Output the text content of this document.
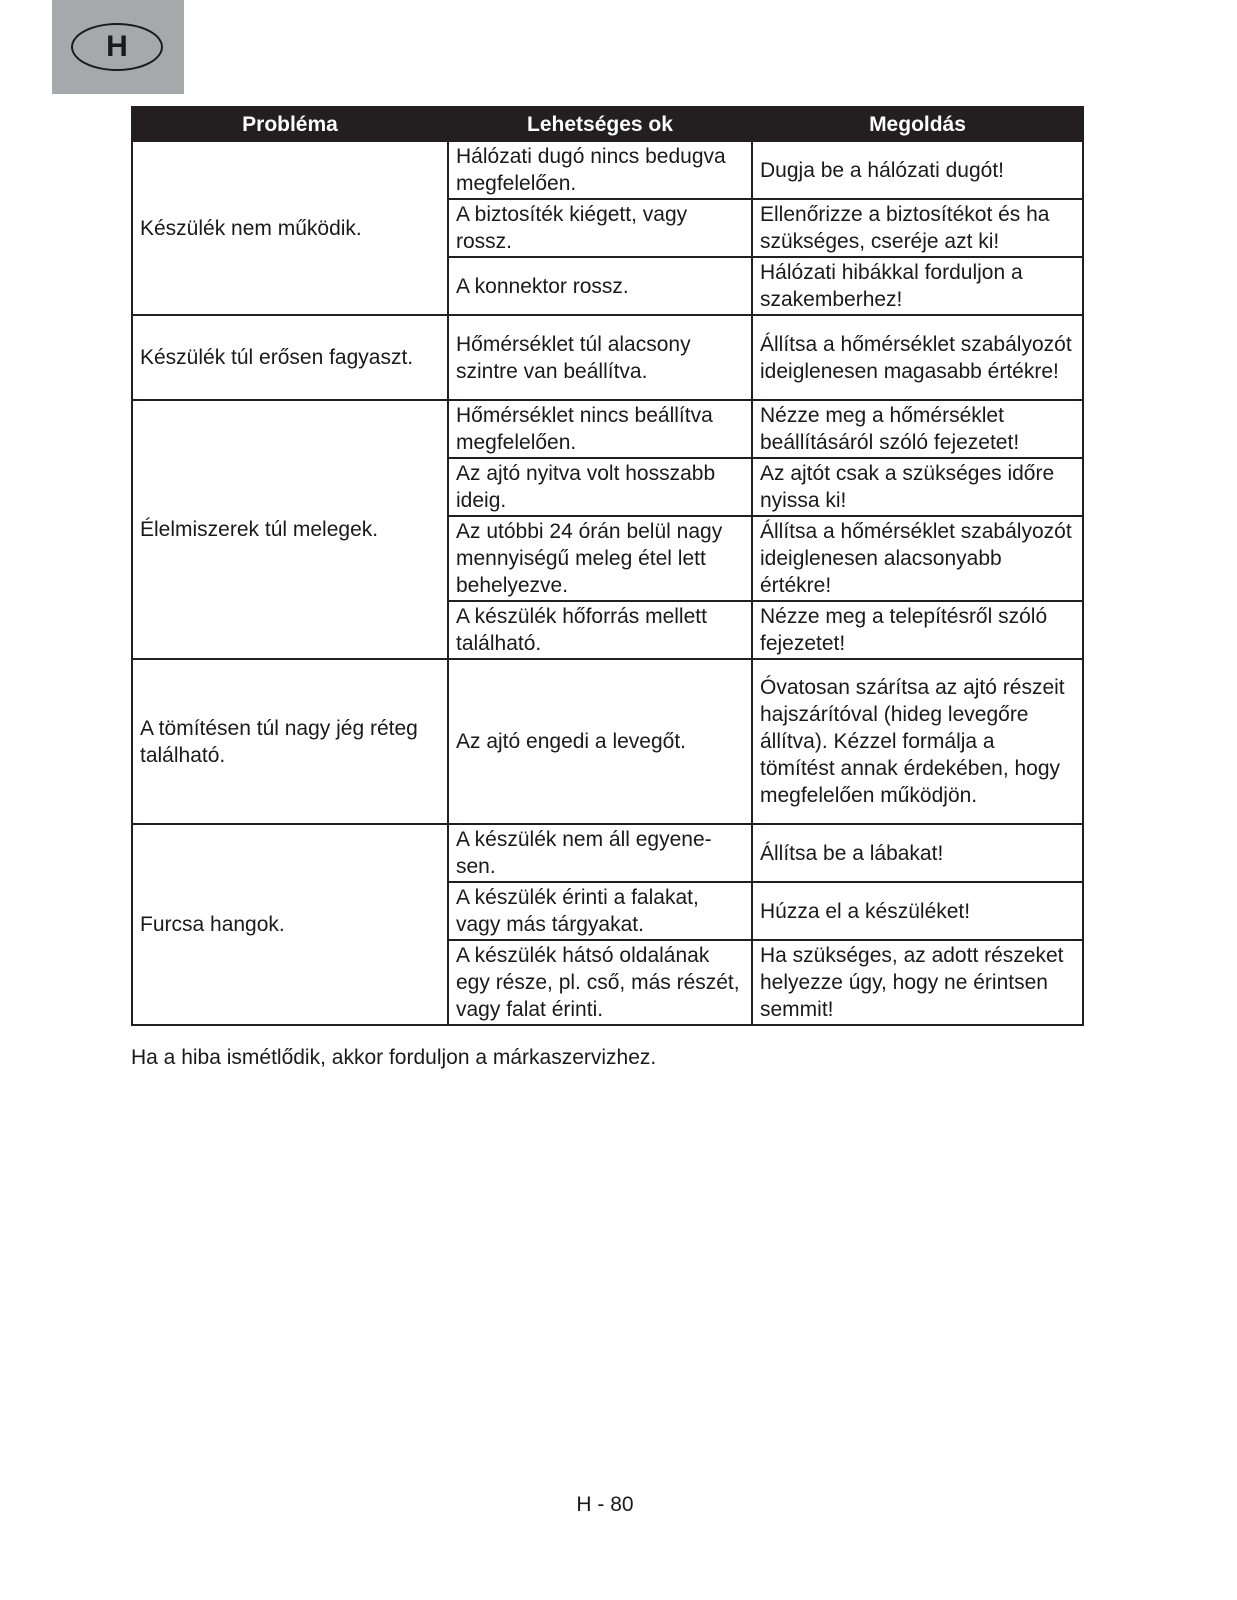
H
Probléma	Lehetséges ok	Megoldás
Készülék nem működik.	Hálózati dugó nincs bedugva megfelelően.	Dugja be a hálózati dugót!
	A biztosíték kiégett, vagy rossz.	Ellenőrizze a biztosítékot és ha szükséges, cseréje azt ki!
	A konnektor rossz.	Hálózati hibákkal forduljon a szakemberhez!
Készülék túl erősen fagyaszt.	Hőmérséklet túl alacsony szintre van beállítva.	Állítsa a hőmérséklet szabályozót ideiglenesen magasabb értékre!
Élelmiszerek túl melegek.	Hőmérséklet nincs beállítva megfelelően.	Nézze meg a hőmérséklet beállításáról szóló fejezetet!
	Az ajtó nyitva volt hosszabb ideig.	Az ajtót csak a szükséges időre nyissa ki!
	Az utóbbi 24 órán belül nagy mennyiségű meleg étel lett behelyezve.	Állítsa a hőmérséklet szabályozót ideiglenesen alacsonyabb értékre!
	A készülék hőforrás mellett található.	Nézze meg a telepítésről szóló fejezetet!
A tömítésen túl nagy jég réteg található.	Az ajtó engedi a levegőt.	Óvatosan szárítsa az ajtó részeit hajszárítóval (hideg levegőre állítva). Kézzel formálja a tömítést annak érdekében, hogy megfelelően működjön.
Furcsa hangok.	A készülék nem áll egyene-sen.	Állítsa be a lábakat!
	A készülék érinti a falakat, vagy más tárgyakat.	Húzza el a készüléket!
	A készülék hátsó oldalának egy része, pl. cső, más részét, vagy falat érinti.	Ha szükséges, az adott részeket helyezze úgy, hogy ne érintsen semmit!
Ha a hiba ismétlődik, akkor forduljon a márkaszervizhez.
H - 80
